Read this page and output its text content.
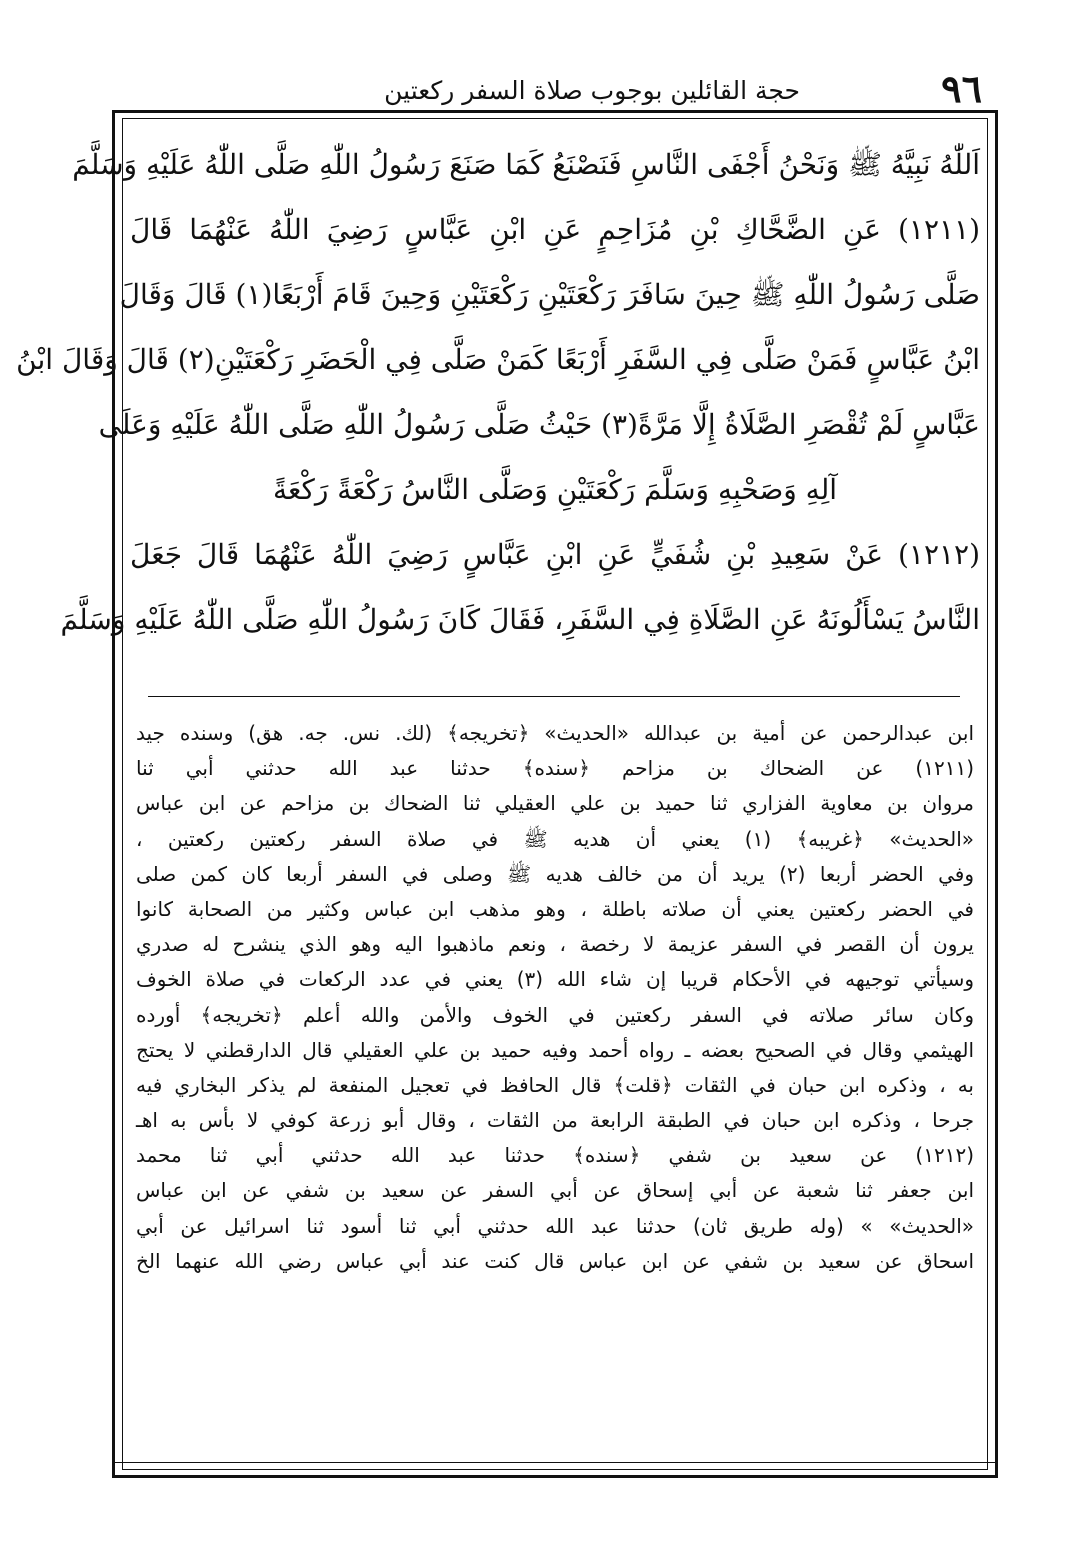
٩٦
حجة القائلين بوجوب صلاة السفر ركعتين
اَللّٰهُ نَبِيَّهُ ﷺ وَنَحْنُ أَجْفَى النَّاسِ فَنَصْنَعُ كَمَا صَنَعَ رَسُولُ اللّٰهِ صَلَّى اللّٰهُ عَلَيْهِ وَسَلَّمَ
(١٢١١) عَنِ الضَّحَّاكِ بْنِ مُزَاحِمٍ عَنِ ابْنِ عَبَّاسٍ رَضِيَ اللّٰهُ عَنْهُمَا قَالَ
صَلَّى رَسُولُ اللّٰهِ ﷺ حِينَ سَافَرَ رَكْعَتَيْنِ رَكْعَتَيْنِ وَحِينَ قَامَ أَرْبَعًا(١) قَالَ وَقَالَ
ابْنُ عَبَّاسٍ فَمَنْ صَلَّى فِي السَّفَرِ أَرْبَعًا كَمَنْ صَلَّى فِي الْحَضَرِ رَكْعَتَيْنِ(٢) قَالَ وَقَالَ ابْنُ
عَبَّاسٍ لَمْ تُقْصَرِ الصَّلَاةُ إِلَّا مَرَّةً(٣) حَيْثُ صَلَّى رَسُولُ اللّٰهِ صَلَّى اللّٰهُ عَلَيْهِ وَعَلَى
آلِهِ وَصَحْبِهِ وَسَلَّمَ رَكْعَتَيْنِ وَصَلَّى النَّاسُ رَكْعَةً رَكْعَةً
(١٢١٢) عَنْ سَعِيدِ بْنِ شُفَيٍّ عَنِ ابْنِ عَبَّاسٍ رَضِيَ اللّٰهُ عَنْهُمَا قَالَ جَعَلَ
النَّاسُ يَسْأَلُونَهُ عَنِ الصَّلَاةِ فِي السَّفَرِ، فَقَالَ كَانَ رَسُولُ اللّٰهِ صَلَّى اللّٰهُ عَلَيْهِ وَسَلَّمَ
ابن عبدالرحمن عن أمية بن عبدالله «الحديث» ﴿تخريجه﴾ (لك. نس. جه. هق) وسنده جيد
(١٢١١) عن الضحاك بن مزاحم ﴿سنده﴾ حدثنا عبد الله حدثني أبي ثنا
مروان بن معاوية الفزاري ثنا حميد بن علي العقيلي ثنا الضحاك بن مزاحم عن ابن عباس
«الحديث» ﴿غريبه﴾ (١) يعني أن هديه ﷺ في صلاة السفر ركعتين ركعتين ،
وفي الحضر أربعا (٢) يريد أن من خالف هديه ﷺ وصلى في السفر أربعا كان كمن صلى
في الحضر ركعتين يعني أن صلاته باطلة ، وهو مذهب ابن عباس وكثير من الصحابة كانوا
يرون أن القصر في السفر عزيمة لا رخصة ، ونعم ماذهبوا اليه وهو الذي ينشرح له صدري
وسيأتي توجيهه في الأحكام قريبا إن شاء الله (٣) يعني في عدد الركعات في صلاة الخوف
وكان سائر صلاته في السفر ركعتين في الخوف والأمن والله أعلم ﴿تخريجه﴾ أورده
الهيثمي وقال في الصحيح بعضه ـ رواه أحمد وفيه حميد بن علي العقيلي قال الدارقطني لا يحتج
به ، وذكره ابن حبان في الثقات ﴿قلت﴾ قال الحافظ في تعجيل المنفعة لم يذكر البخاري فيه
جرحا ، وذكره ابن حبان في الطبقة الرابعة من الثقات ، وقال أبو زرعة كوفي لا بأس به اهـ
(١٢١٢) عن سعيد بن شفي ﴿سنده﴾ حدثنا عبد الله حدثني أبي ثنا محمد
ابن جعفر ثنا شعبة عن أبي إسحاق عن أبي السفر عن سعيد بن شفي عن ابن عباس
«الحديث» » (وله طريق ثان) حدثنا عبد الله حدثني أبي ثنا أسود ثنا اسرائيل عن أبي
اسحاق عن سعيد بن شفي عن ابن عباس قال كنت عند أبي عباس رضي الله عنهما الخ
